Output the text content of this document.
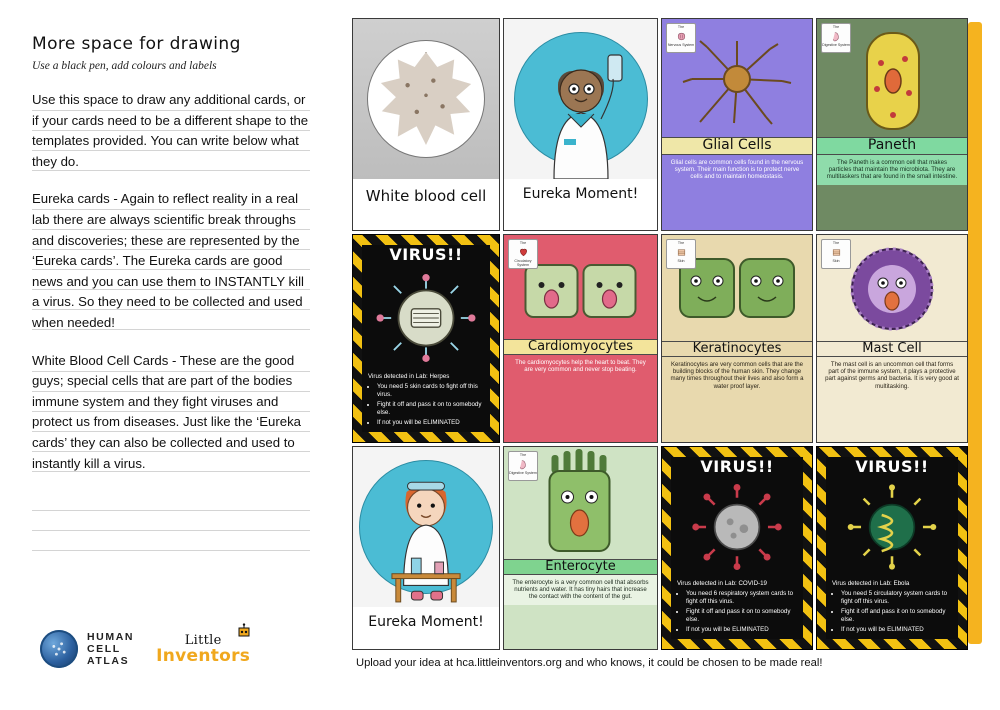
More space for drawing
Use a black pen, add colours and labels
Use this space to draw any additional cards, or if your cards need to be a different shape to the templates provided. You can write below what they do.
Eureka cards - Again to reflect reality in a real lab there are always scientific break throughs and discoveries; these are represented by the ‘Eureka cards’. The Eureka cards are good news and you can use them to INSTANTLY kill a virus. So they need to be collected and used when needed!
White Blood Cell Cards - These are the good guys; special cells that are part of the bodies immune system and they fight viruses and protect us from diseases. Just like the ‘Eureka cards’ they can also be collected and used to instantly kill a virus.
HUMAN
CELL
ATLAS
Little
Inventors
White blood cell	Eureka Moment!
The
Nervous System
Glial Cells
Glial cells are common cells found in the nervous system. Their main function is to protect nerve cells and to maintain homeostasis.
The
Digestive System
Paneth
The Paneth is a common cell that makes particles that maintain the microbiota. They are multitaskers that are found in the small intestine.
VIRUS!!
Virus detected in Lab: Herpes
• You need 5 skin cards to fight off this virus.
• Fight it off and pass it on to somebody else.
• If not you will be ELIMINATED
The
Circulatory System
Cardiomyocytes
The cardiomyocytes help the heart to beat. They are very common and never stop beating.
The
Skin
Keratinocytes
Keratinocytes are very common cells that are the building blocks of the human skin. They change many times throughout their lives and also form a water proof layer.
The
Skin
Mast Cell
The mast cell is an uncommon cell that forms part of the immune system, it plays a protective part against germs and bacteria. It is very good at multitasking.
Eureka Moment!
The
Digestive System
Enterocyte
The enterocyte is a very common cell that absorbs nutrients and water. It has tiny hairs that increase the contact with the content of the gut.
VIRUS!!
Virus detected in Lab: COVID-19
• You need 6 respiratory system cards to fight off this virus.
• Fight it off and pass it on to somebody else.
• If not you will be ELIMINATED
VIRUS!!
Virus detected in Lab: Ebola
• You need 5 circulatory system cards to fight off this virus.
• Fight it off and pass it on to somebody else.
• If not you will be ELIMINATED
Upload your idea at hca.littleinventors.org and who knows, it could be chosen to be made real!
